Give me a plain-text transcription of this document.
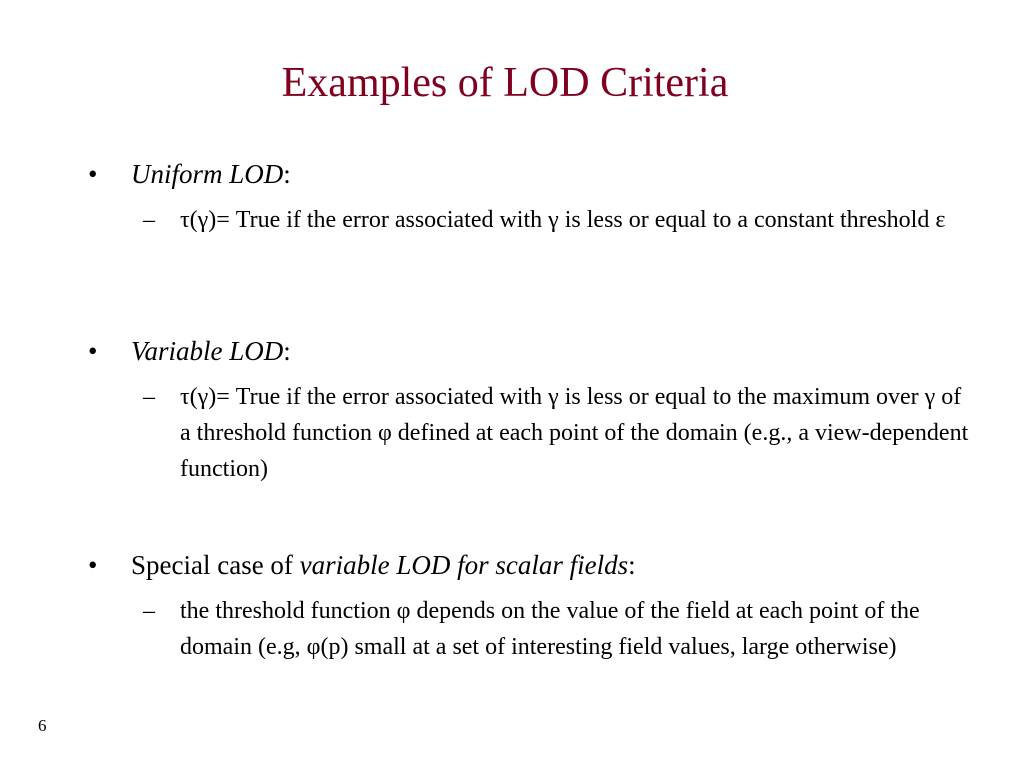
Examples of LOD Criteria
•	Uniform LOD:
– τ(γ)= True if the error associated with γ is less or equal to a constant threshold ε
•	Variable LOD:
– τ(γ)= True if the error associated with γ is less or equal to the maximum over γ of a threshold function φ defined at each point of the domain (e.g., a view-dependent function)
•	Special case of variable LOD for scalar fields:
– the threshold function φ depends on the value of the field at each point of the domain (e.g, φ(p) small at a set of interesting field values, large otherwise)
6
